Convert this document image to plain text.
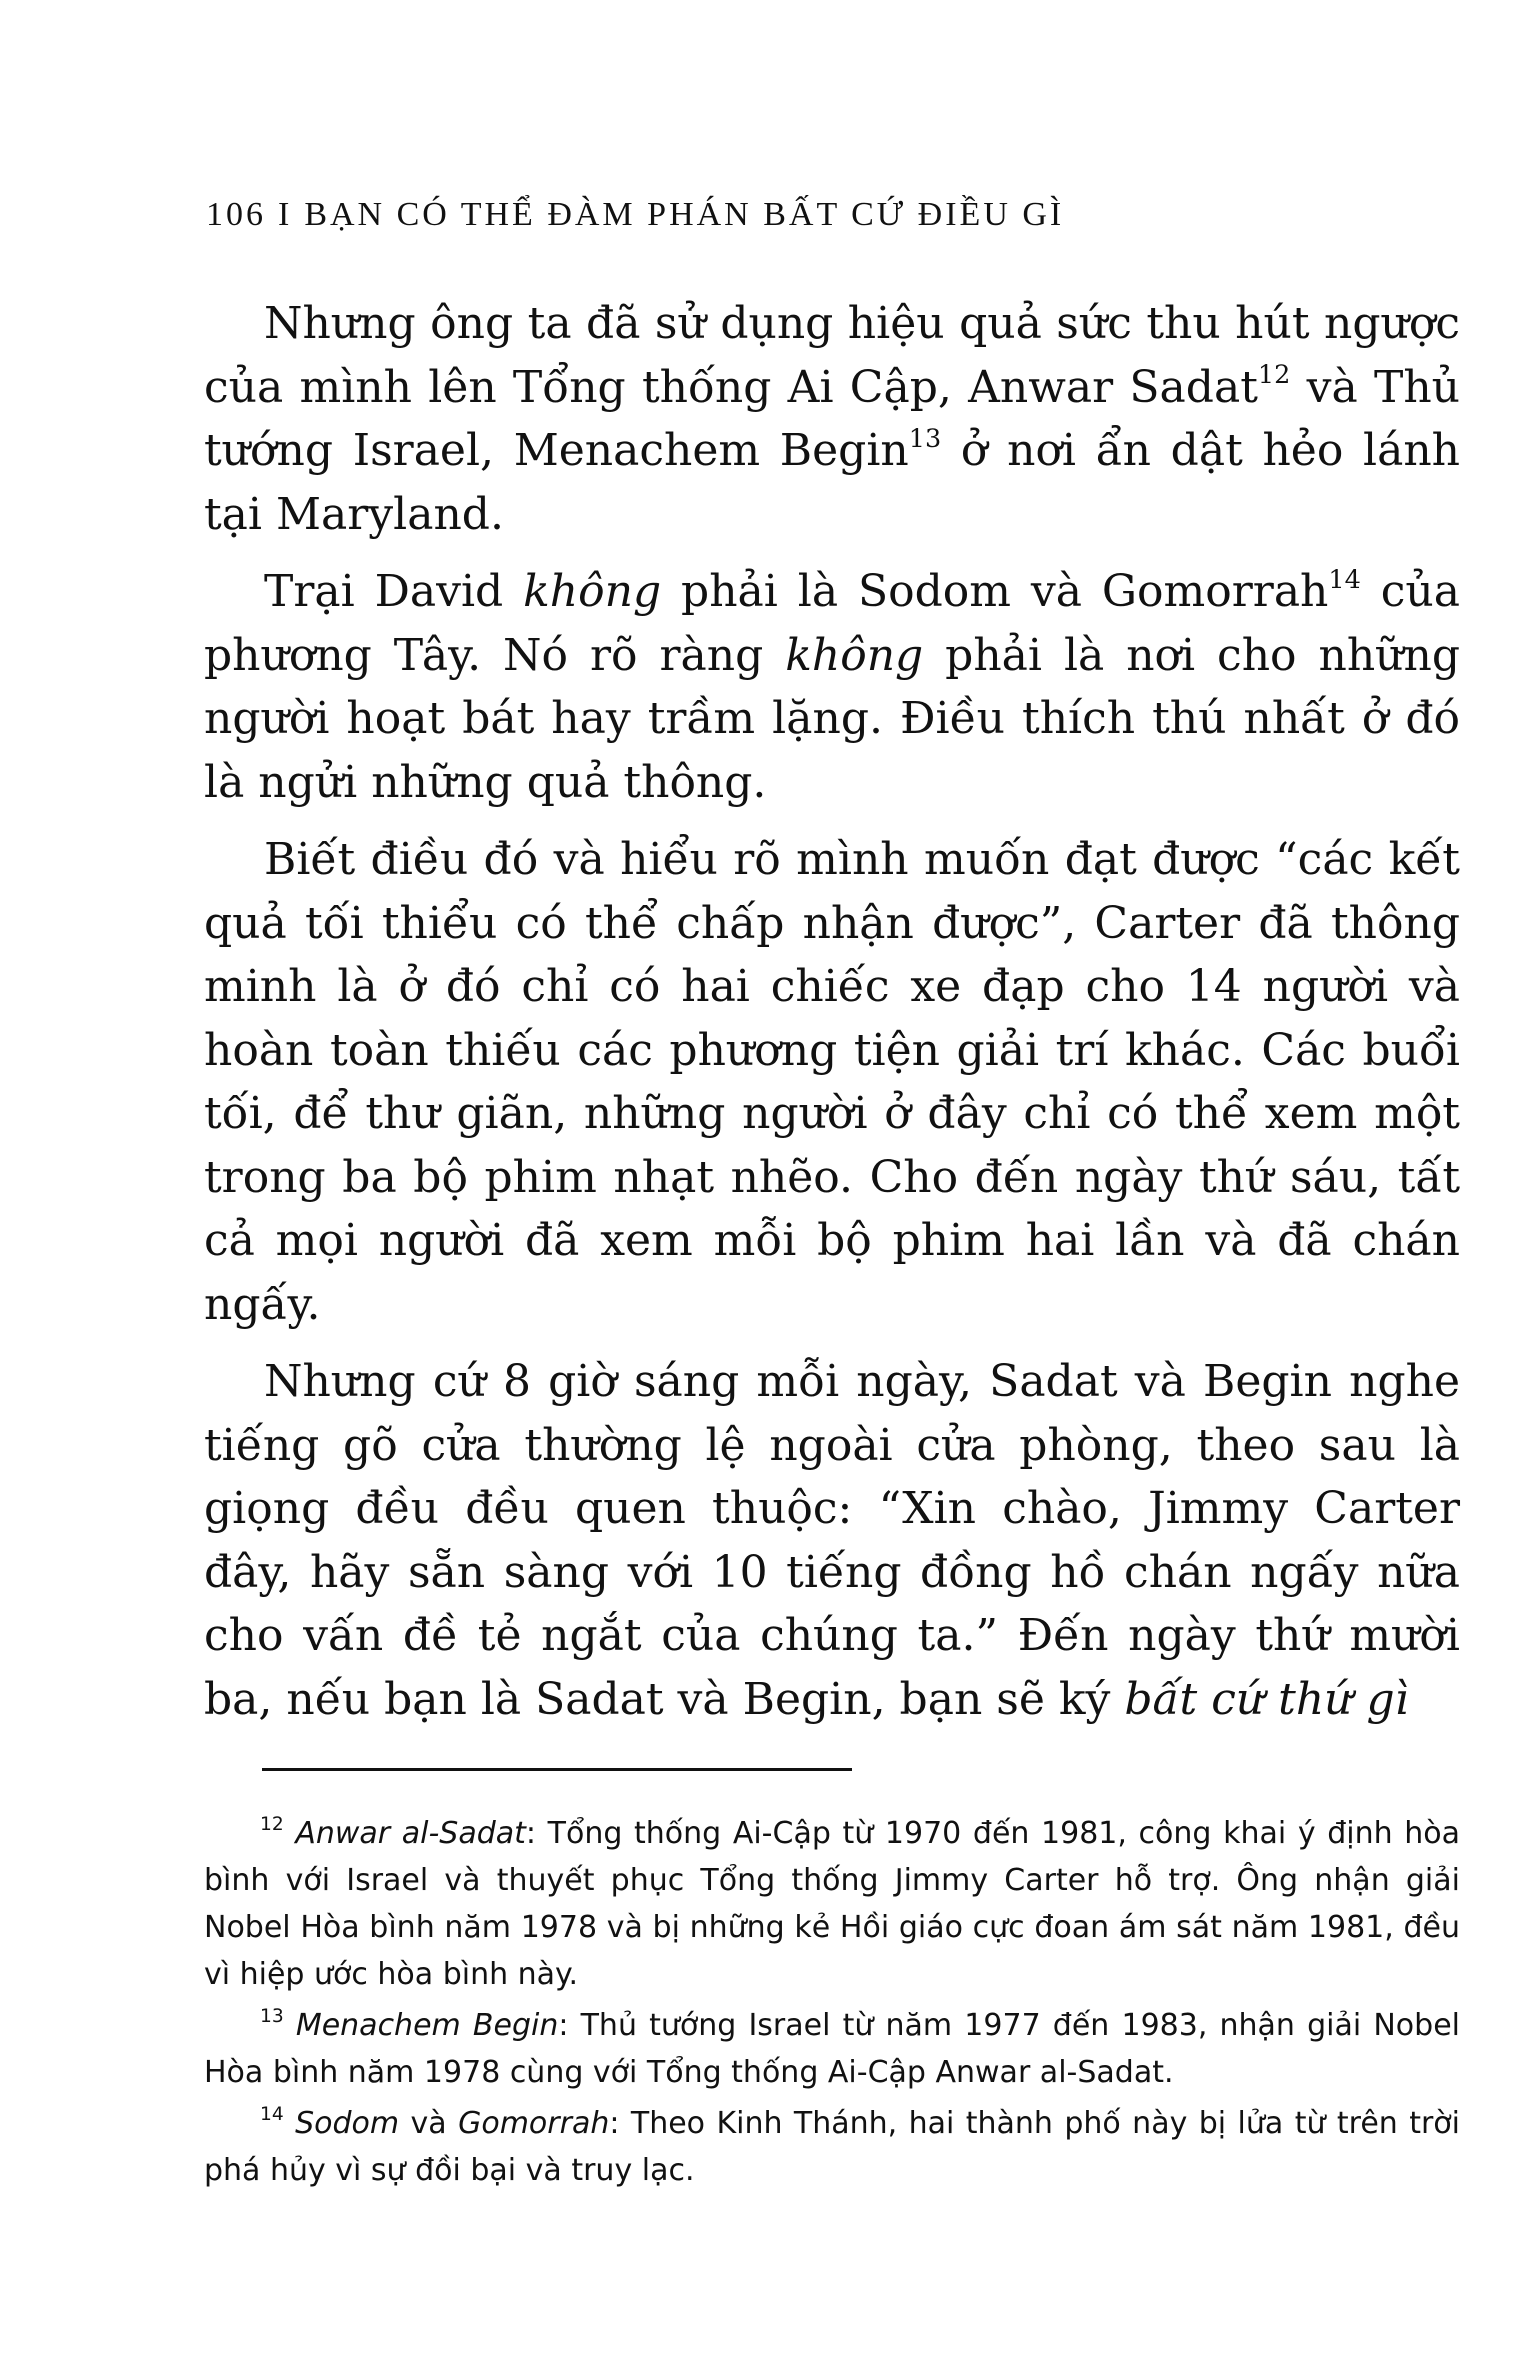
106 I BẠN CÓ THỂ ĐÀM PHÁN BẤT CỨ ĐIỀU GÌ

Nhưng ông ta đã sử dụng hiệu quả sức thu hút ngược của mình lên Tổng thống Ai Cập, Anwar Sadat$^{12}$ và Thủ tướng Israel, Menachem Begin$^{13}$ ở nơi ẩn dật hẻo lánh tại Maryland.

Trại David không phải là Sodom và Gomorrah$^{14}$ của phương Tây. Nó rõ ràng không phải là nơi cho những người hoạt bát hay trầm lặng. Điều thích thú nhất ở đó là ngửi những quả thông.

Biết điều đó và hiểu rõ mình muốn đạt được “các kết quả tối thiểu có thể chấp nhận được”, Carter đã thông minh là ở đó chỉ có hai chiếc xe đạp cho 14 người và hoàn toàn thiếu các phương tiện giải trí khác. Các buổi tối, để thư giãn, những người ở đây chỉ có thể xem một trong ba bộ phim nhạt nhẽo. Cho đến ngày thứ sáu, tất cả mọi người đã xem mỗi bộ phim hai lần và đã chán ngấy.

Nhưng cứ 8 giờ sáng mỗi ngày, Sadat và Begin nghe tiếng gõ cửa thường lệ ngoài cửa phòng, theo sau là giọng đều đều quen thuộc: “Xin chào, Jimmy Carter đây, hãy sẵn sàng với 10 tiếng đồng hồ chán ngấy nữa cho vấn đề tẻ ngắt của chúng ta.” Đến ngày thứ mười ba, nếu bạn là Sadat và Begin, bạn sẽ ký bất cứ thứ gì

$^{12}$ Anwar al-Sadat: Tổng thống Ai-Cập từ 1970 đến 1981, công khai ý định hòa bình với Israel và thuyết phục Tổng thống Jimmy Carter hỗ trợ. Ông nhận giải Nobel Hòa bình năm 1978 và bị những kẻ Hồi giáo cực đoan ám sát năm 1981, đều vì hiệp ước hòa bình này.

$^{13}$ Menachem Begin: Thủ tướng Israel từ năm 1977 đến 1983, nhận giải Nobel Hòa bình năm 1978 cùng với Tổng thống Ai-Cập Anwar al-Sadat.

$^{14}$ Sodom và Gomorrah: Theo Kinh Thánh, hai thành phố này bị lửa từ trên trời phá hủy vì sự đồi bại và truy lạc.
